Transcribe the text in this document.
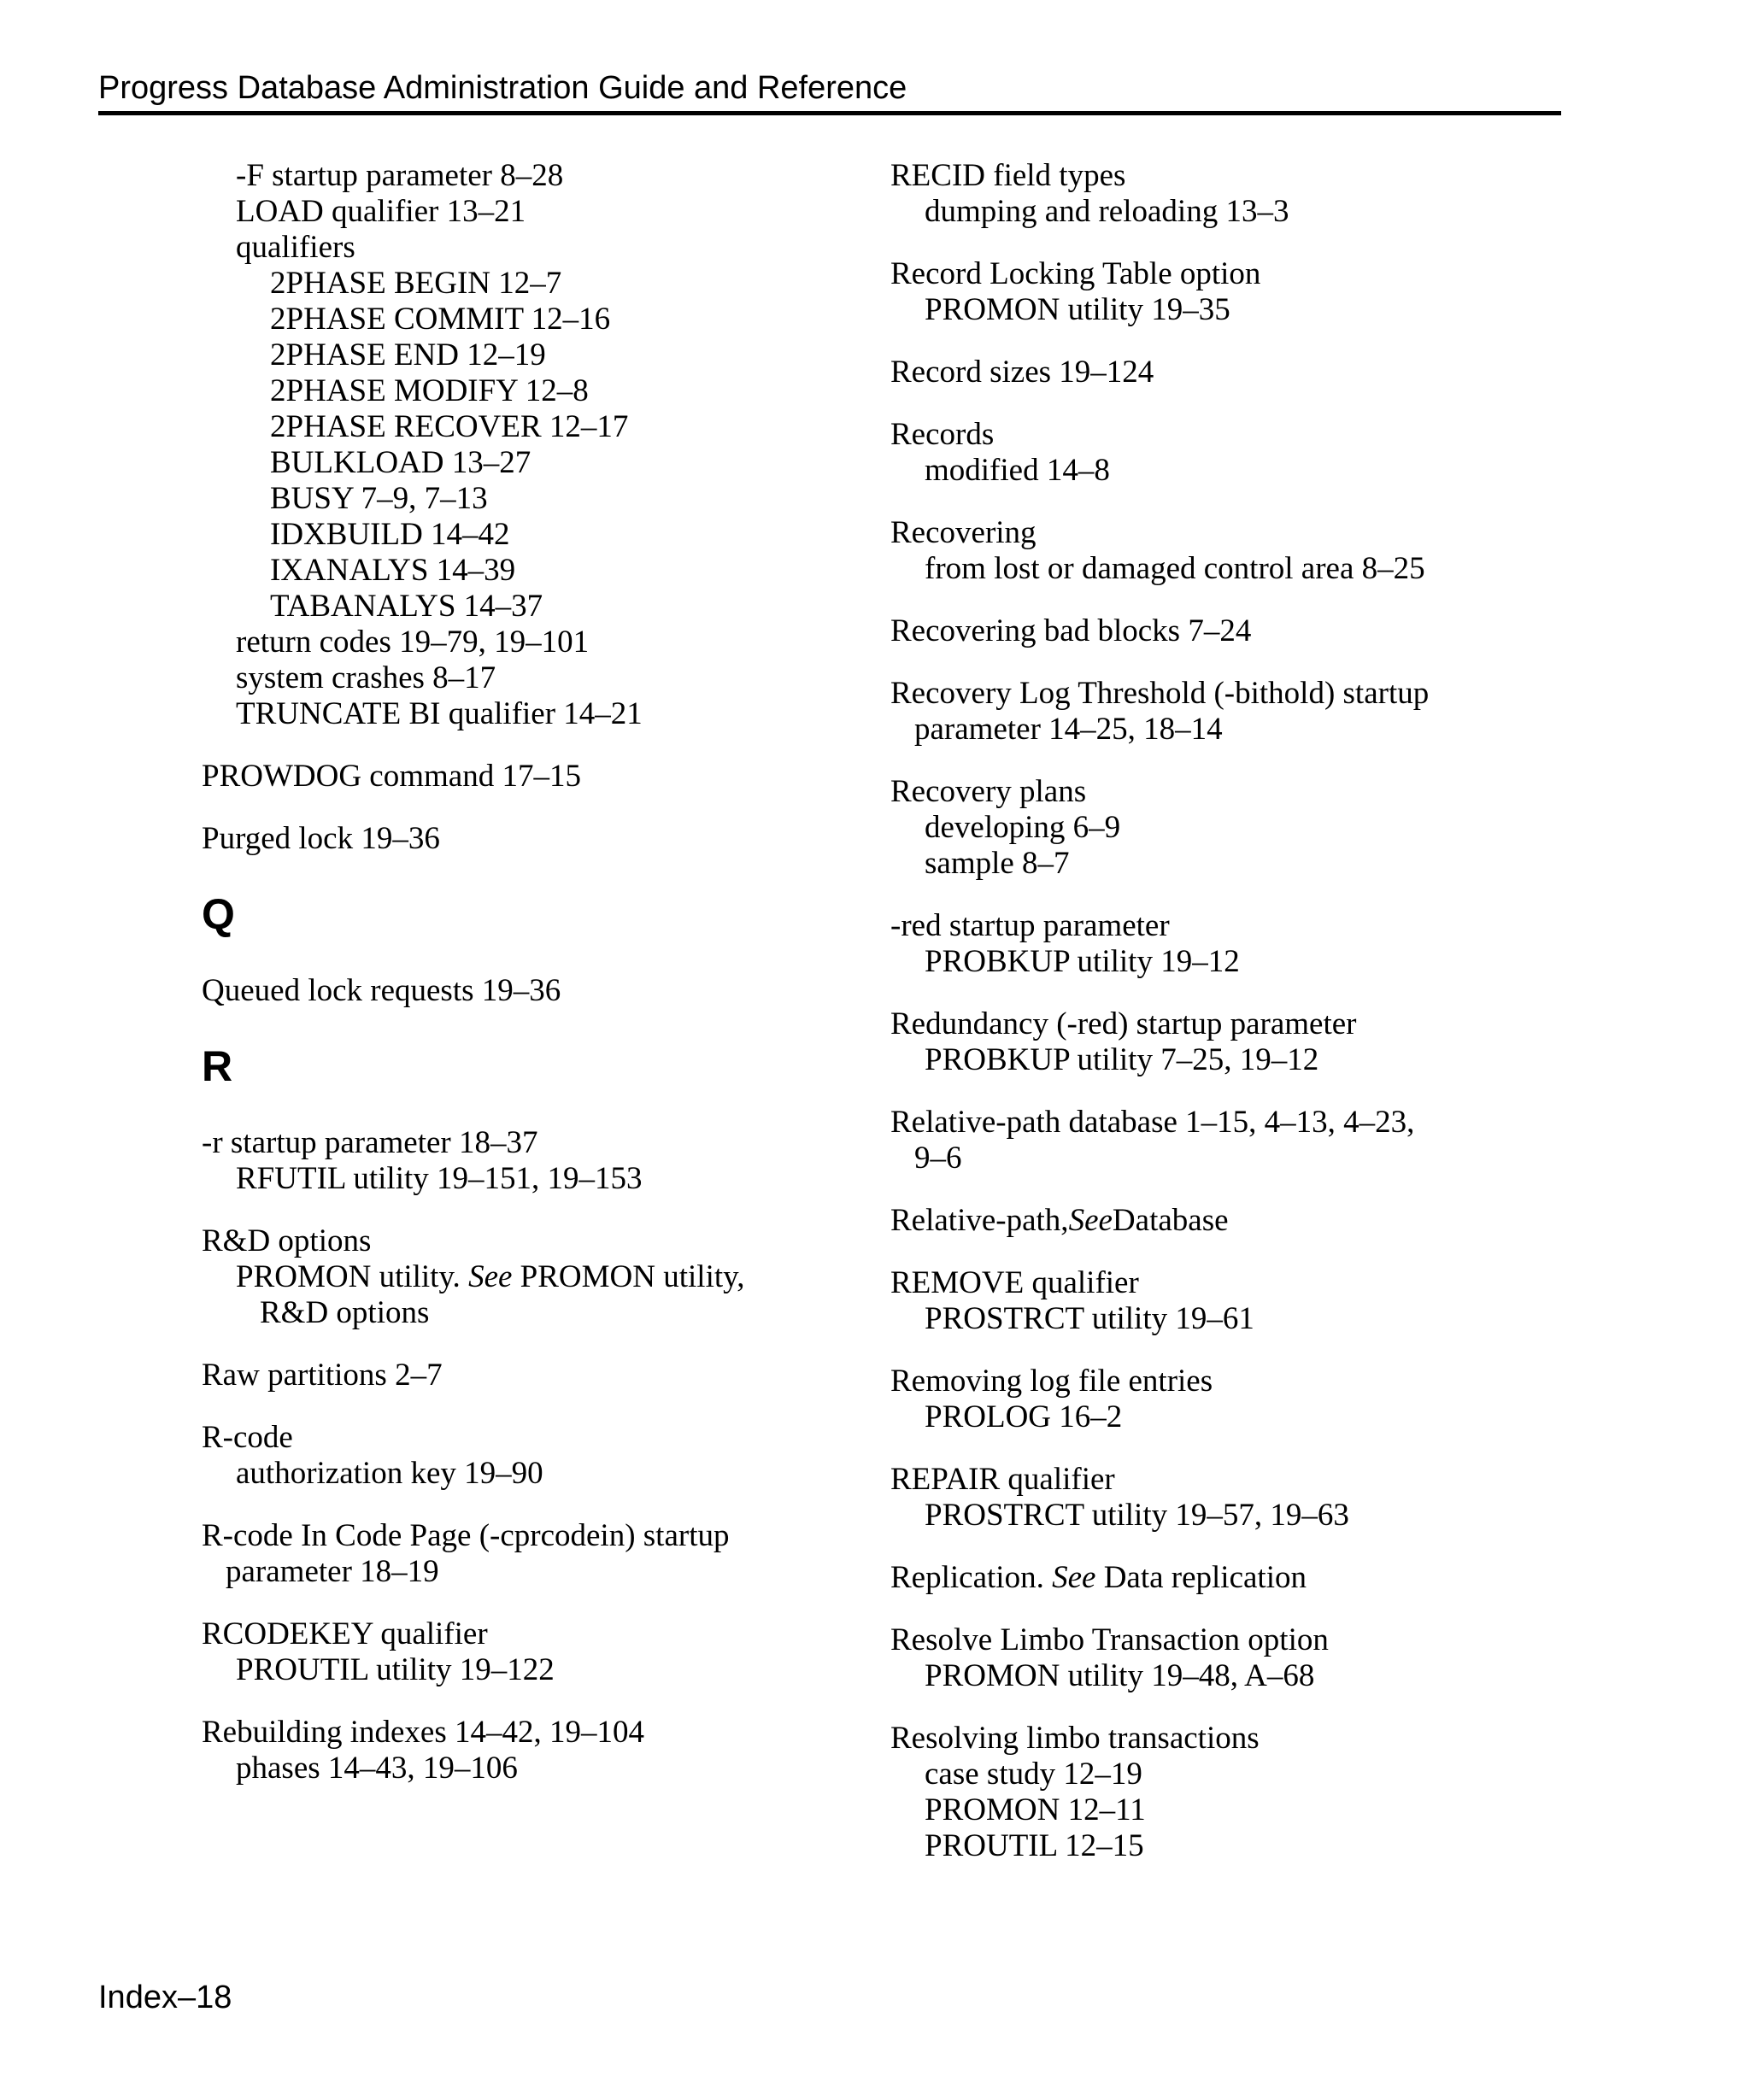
Progress Database Administration Guide and Reference
-F startup parameter 8–28
LOAD qualifier 13–21
qualifiers
2PHASE BEGIN 12–7
2PHASE COMMIT 12–16
2PHASE END 12–19
2PHASE MODIFY 12–8
2PHASE RECOVER 12–17
BULKLOAD 13–27
BUSY 7–9, 7–13
IDXBUILD 14–42
IXANALYS 14–39
TABANALYS 14–37
return codes 19–79, 19–101
system crashes 8–17
TRUNCATE BI qualifier 14–21
PROWDOG command 17–15
Purged lock 19–36
Q
Queued lock requests 19–36
R
-r startup parameter 18–37
RFUTIL utility 19–151, 19–153
R&D options
PROMON utility. See PROMON utility,
R&D options
Raw partitions 2–7
R-code
authorization key 19–90
R-code In Code Page (-cprcodein) startup
parameter 18–19
RCODEKEY qualifier
PROUTIL utility 19–122
Rebuilding indexes 14–42, 19–104
phases 14–43, 19–106
RECID field types
dumping and reloading 13–3
Record Locking Table option
PROMON utility 19–35
Record sizes 19–124
Records
modified 14–8
Recovering
from lost or damaged control area 8–25
Recovering bad blocks 7–24
Recovery Log Threshold (-bithold) startup
parameter 14–25, 18–14
Recovery plans
developing 6–9
sample 8–7
-red startup parameter
PROBKUP utility 19–12
Redundancy (-red) startup parameter
PROBKUP utility 7–25, 19–12
Relative-path database 1–15, 4–13, 4–23,
9–6
Relative-path,SeeDatabase
REMOVE qualifier
PROSTRCT utility 19–61
Removing log file entries
PROLOG 16–2
REPAIR qualifier
PROSTRCT utility 19–57, 19–63
Replication. See Data replication
Resolve Limbo Transaction option
PROMON utility 19–48, A–68
Resolving limbo transactions
case study 12–19
PROMON 12–11
PROUTIL 12–15
Index–18
